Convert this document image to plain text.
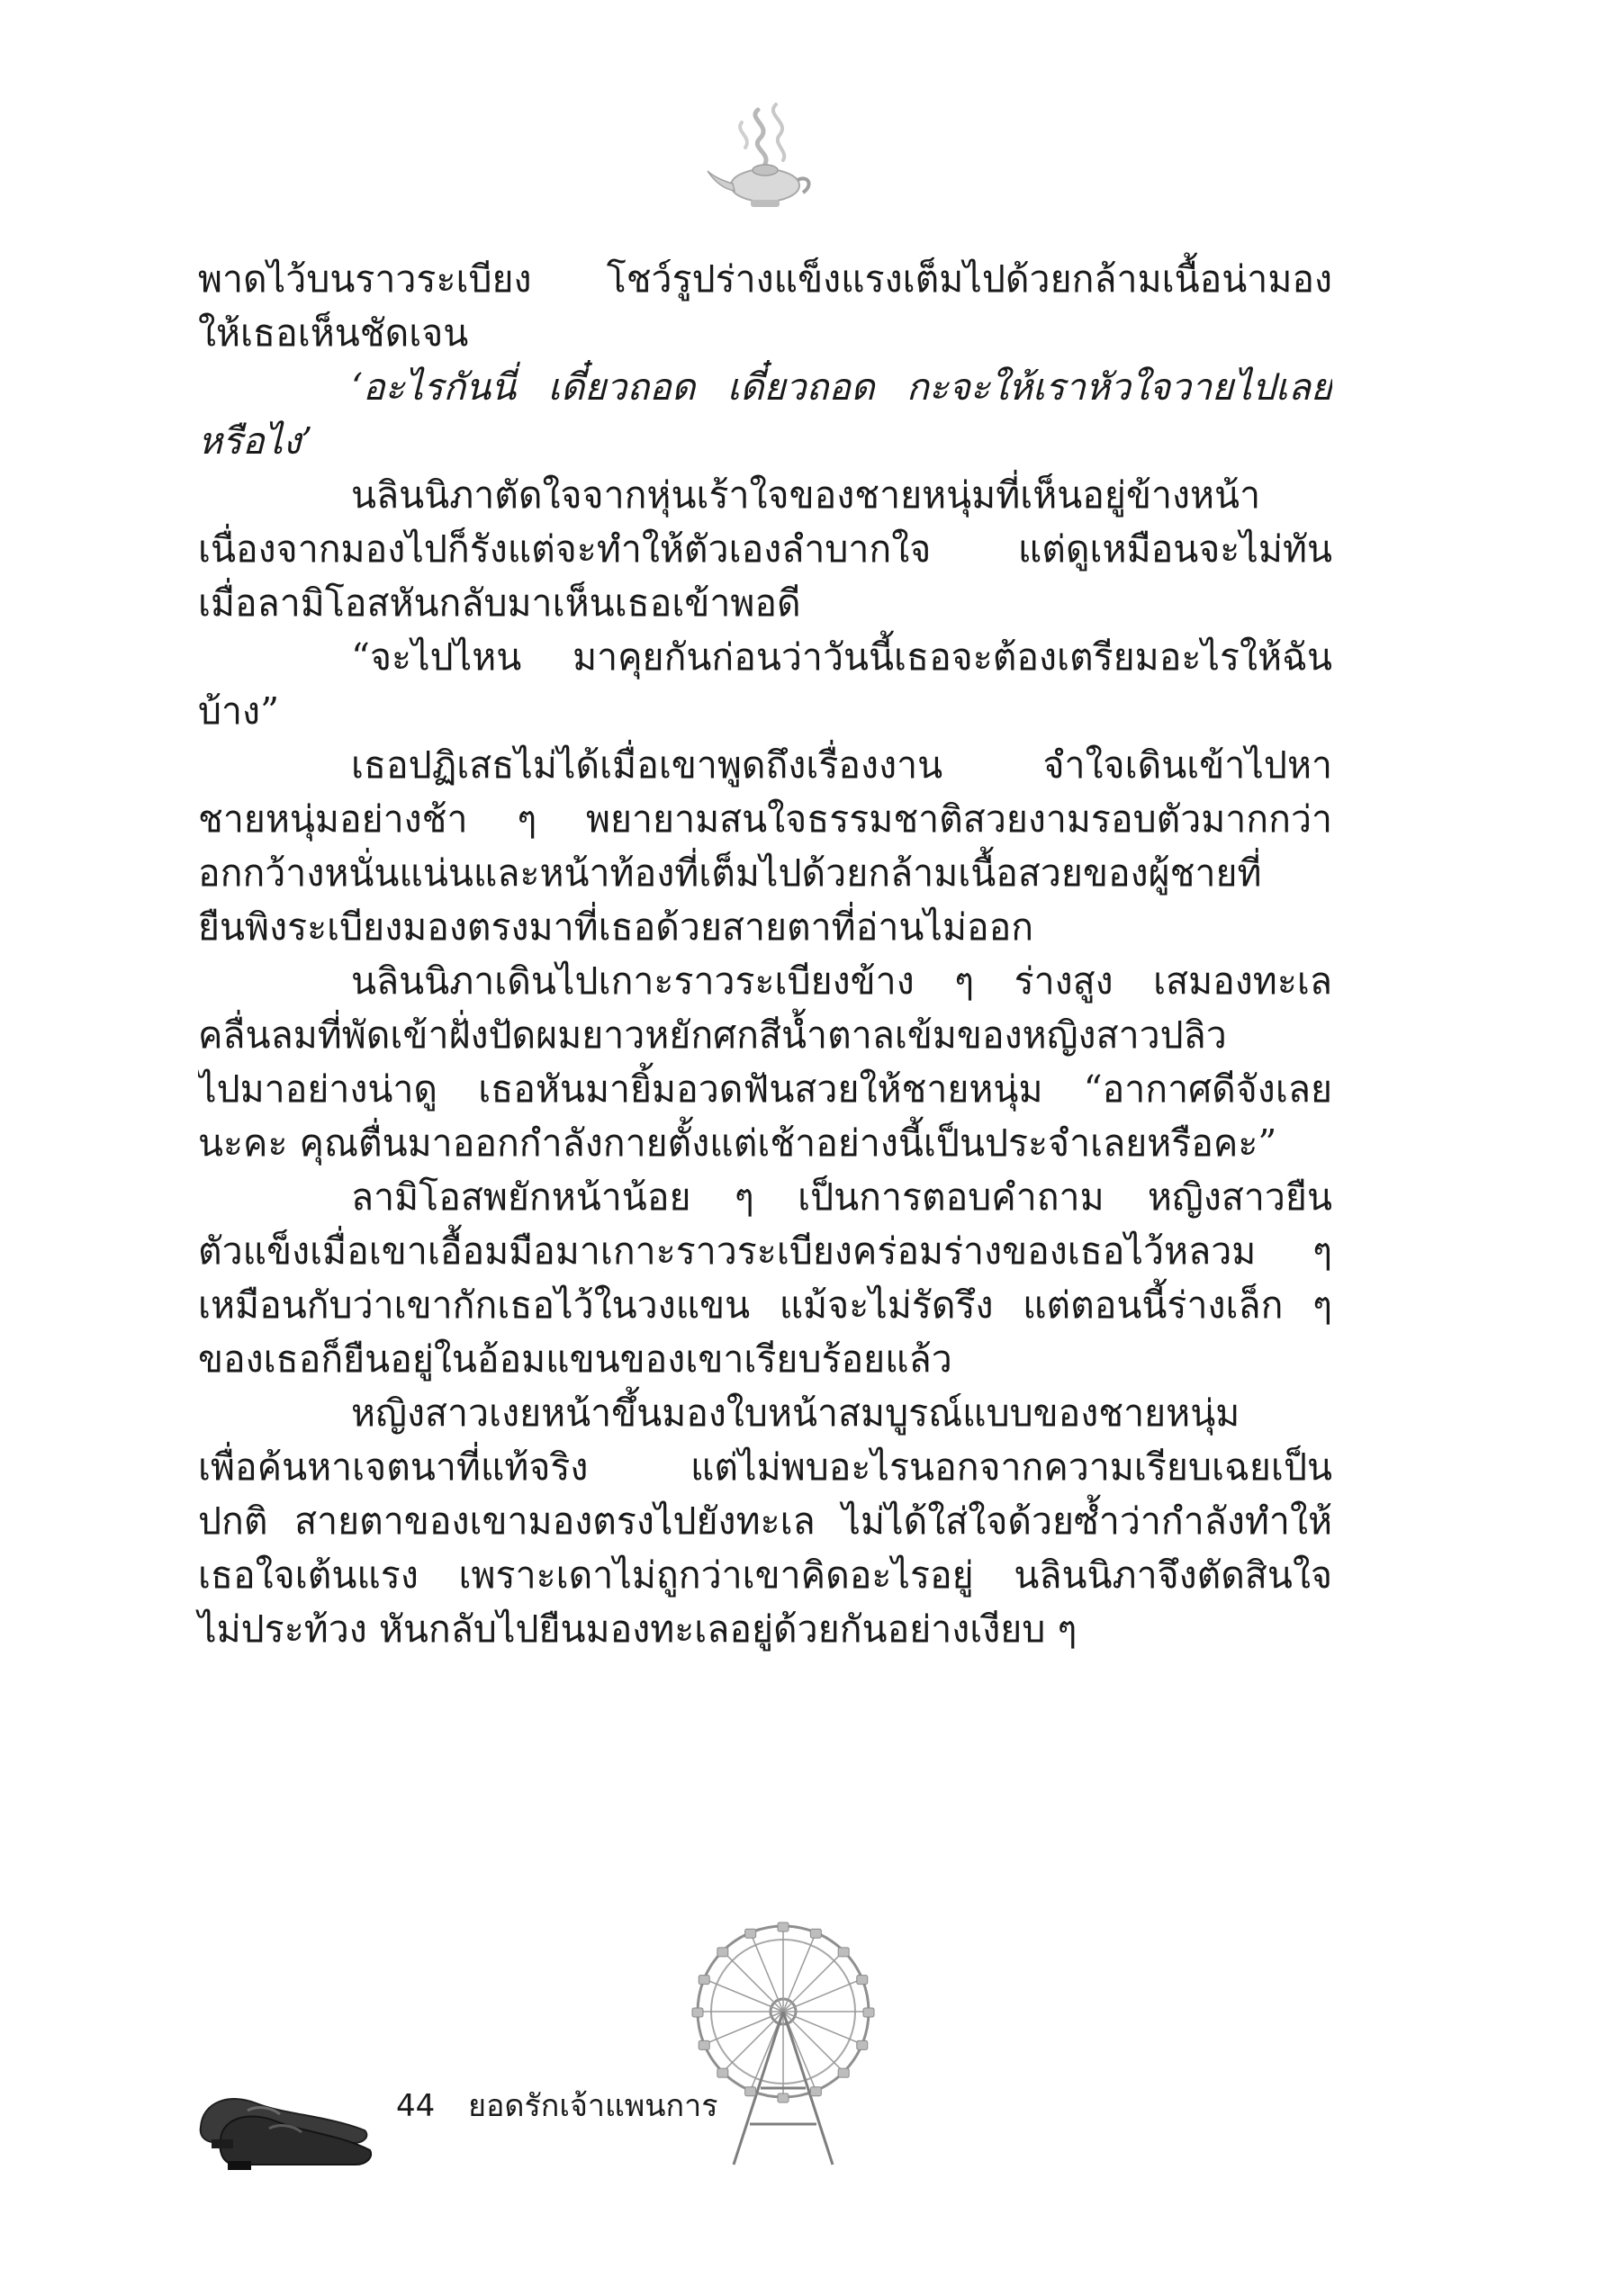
พาดไว้บนราวระเบียง โชว์รูปร่างแข็งแรงเต็มไปด้วยกล้ามเนื้อน่ามอง
ให้เธอเห็นชัดเจน
‘อะไรกันนี่ เดี๋ยวถอด เดี๋ยวถอด กะจะให้เราหัวใจวายไปเลย
หรือไง’
นลินนิภาตัดใจจากหุ่นเร้าใจของชายหนุ่มที่เห็นอยู่ข้างหน้า
เนื่องจากมองไปก็รังแต่จะทำให้ตัวเองลำบากใจ แต่ดูเหมือนจะไม่ทัน
เมื่อลามิโอสหันกลับมาเห็นเธอเข้าพอดี
“จะไปไหน มาคุยกันก่อนว่าวันนี้เธอจะต้องเตรียมอะไรให้ฉัน
บ้าง”
เธอปฏิเสธไม่ได้เมื่อเขาพูดถึงเรื่องงาน จำใจเดินเข้าไปหา
ชายหนุ่มอย่างช้า ๆ พยายามสนใจธรรมชาติสวยงามรอบตัวมากกว่า
อกกว้างหนั่นแน่นและหน้าท้องที่เต็มไปด้วยกล้ามเนื้อสวยของผู้ชายที่
ยืนพิงระเบียงมองตรงมาที่เธอด้วยสายตาที่อ่านไม่ออก
นลินนิภาเดินไปเกาะราวระเบียงข้าง ๆ ร่างสูง เสมองทะเล
คลื่นลมที่พัดเข้าฝั่งปัดผมยาวหยักศกสีน้ำตาลเข้มของหญิงสาวปลิว
ไปมาอย่างน่าดู เธอหันมายิ้มอวดฟันสวยให้ชายหนุ่ม “อากาศดีจังเลย
นะคะ คุณตื่นมาออกกำลังกายตั้งแต่เช้าอย่างนี้เป็นประจำเลยหรือคะ”
ลามิโอสพยักหน้าน้อย ๆ เป็นการตอบคำถาม หญิงสาวยืน
ตัวแข็งเมื่อเขาเอื้อมมือมาเกาะราวระเบียงคร่อมร่างของเธอไว้หลวม ๆ
เหมือนกับว่าเขากักเธอไว้ในวงแขน แม้จะไม่รัดรึง แต่ตอนนี้ร่างเล็ก ๆ
ของเธอก็ยืนอยู่ในอ้อมแขนของเขาเรียบร้อยแล้ว
หญิงสาวเงยหน้าขึ้นมองใบหน้าสมบูรณ์แบบของชายหนุ่ม
เพื่อค้นหาเจตนาที่แท้จริง แต่ไม่พบอะไรนอกจากความเรียบเฉยเป็น
ปกติ สายตาของเขามองตรงไปยังทะเล ไม่ได้ใส่ใจด้วยซ้ำว่ากำลังทำให้
เธอใจเต้นแรง เพราะเดาไม่ถูกว่าเขาคิดอะไรอยู่ นลินนิภาจึงตัดสินใจ
ไม่ประท้วง หันกลับไปยืนมองทะเลอยู่ด้วยกันอย่างเงียบ ๆ
44 ยอดรักเจ้าแพนการ
